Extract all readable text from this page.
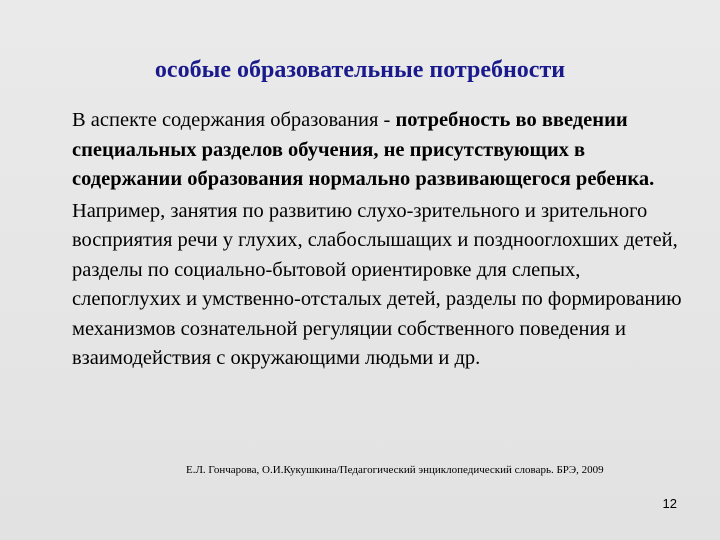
особые образовательные потребности

В аспекте содержания образования - потребность во введении специальных разделов обучения, не присутствующих в содержании образования нормально развивающегося ребенка.

Например, занятия по развитию слухо-зрительного и зрительного восприятия речи у глухих, слабослышащих и позднооглохших детей, разделы по социально-бытовой ориентировке для слепых, слепоглухих и умственно-отсталых детей, разделы по формированию механизмов сознательной регуляции собственного поведения и взаимодействия с окружающими людьми и др.

Е.Л. Гончарова, О.И.Кукушкина/Педагогический энциклопедический словарь. БРЭ, 2009
12
